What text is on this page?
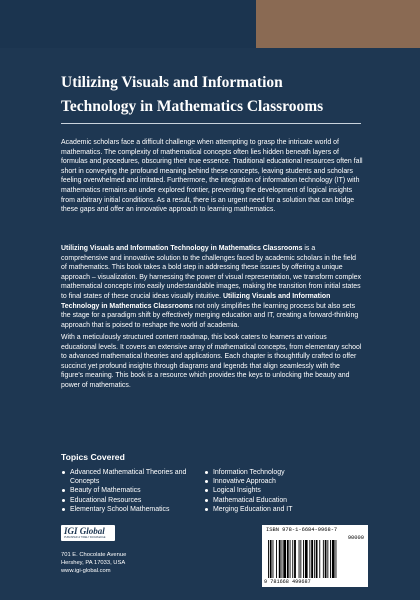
Utilizing Visuals and Information
Technology in Mathematics Classrooms

Academic scholars face a difficult challenge when attempting to grasp the intricate world of mathematics. The complexity of mathematical concepts often lies hidden beneath layers of formulas and procedures, obscuring their true essence. Traditional educational resources often fall short in conveying the profound meaning behind these concepts, leaving students and scholars feeling overwhelmed and irritated. Furthermore, the integration of information technology (IT) with mathematics remains an under explored frontier, preventing the development of logical insights from arbitrary initial conditions. As a result, there is an urgent need for a solution that can bridge these gaps and offer an innovative approach to learning mathematics.

Utilizing Visuals and Information Technology in Mathematics Classrooms is a comprehensive and innovative solution to the challenges faced by academic scholars in the field of mathematics. This book takes a bold step in addressing these issues by offering a unique approach – visualization. By harnessing the power of visual representation, we transform complex mathematical concepts into easily understandable images, making the transition from initial states to final states of these crucial ideas visually intuitive. Utilizing Visuals and Information Technology in Mathematics Classrooms not only simplifies the learning process but also sets the stage for a paradigm shift by effectively merging education and IT, creating a forward-thinking approach that is poised to reshape the world of academia.

With a meticulously structured content roadmap, this book caters to learners at various educational levels. It covers an extensive array of mathematical concepts, from elementary school to advanced mathematical theories and applications. Each chapter is thoughtfully crafted to offer succinct yet profound insights through diagrams and legends that align seamlessly with the figure's meaning. This book is a resource which provides the keys to unlocking the beauty and power of mathematics.

Topics Covered
Advanced Mathematical Theories and Concepts
Beauty of Mathematics
Educational Resources
Elementary School Mathematics
Information Technology
Innovative Approach
Logical Insights
Mathematical Education
Merging Education and IT
IGI Global
PUBLISHER of TIMELY KNOWLEDGE

701 E. Chocolate Avenue
Hershey, PA 17033, USA
www.igi-global.com

ISBN 978-1-6684-9968-7
90000
9 781668 499687
